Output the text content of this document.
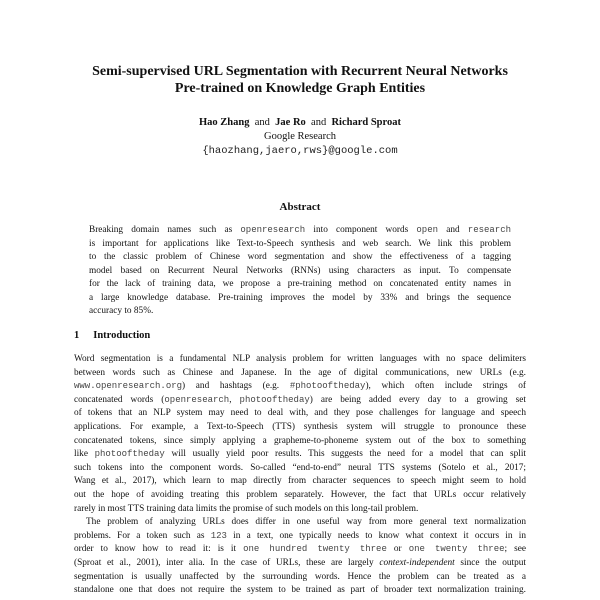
Semi-supervised URL Segmentation with Recurrent Neural Networks
Pre-trained on Knowledge Graph Entities
Hao Zhang and Jae Ro and Richard Sproat
Google Research
{haozhang,jaero,rws}@google.com
Abstract
Breaking domain names such as openresearch into component words open and research
is important for applications like Text-to-Speech synthesis and web search. We link this problem
to the classic problem of Chinese word segmentation and show the effectiveness of a tagging
model based on Recurrent Neural Networks (RNNs) using characters as input. To compensate
for the lack of training data, we propose a pre-training method on concatenated entity names in
a large knowledge database. Pre-training improves the model by 33% and brings the sequence
accuracy to 85%.
1 Introduction

Word segmentation is a fundamental NLP analysis problem for written languages with no space delimiters
between words such as Chinese and Japanese. In the age of digital communications, new URLs (e.g.
www.openresearch.org) and hashtags (e.g. #photooftheday), which often include strings of
concatenated words (openresearch, photooftheday) are being added every day to a growing set
of tokens that an NLP system may need to deal with, and they pose challenges for language and speech
applications. For example, a Text-to-Speech (TTS) synthesis system will struggle to pronounce these
concatenated tokens, since simply applying a grapheme-to-phoneme system out of the box to something
like photooftheday will usually yield poor results. This suggests the need for a model that can split
such tokens into the component words. So-called “end-to-end” neural TTS systems (Sotelo et al., 2017;
Wang et al., 2017), which learn to map directly from character sequences to speech might seem to hold
out the hope of avoiding treating this problem separately. However, the fact that URLs occur relatively
rarely in most TTS training data limits the promise of such models on this long-tail problem.

The problem of analyzing URLs does differ in one useful way from more general text normalization
problems. For a token such as 123 in a text, one typically needs to know what context it occurs in in
order to know how to read it: is it one hundred twenty three or one twenty three; see
(Sproat et al., 2001), inter alia. In the case of URLs, these are largely context-independent since the output
segmentation is usually unaffected by the surrounding words. Hence the problem can be treated as a
standalone one that does not require the system to be trained as part of broader text normalization training.
